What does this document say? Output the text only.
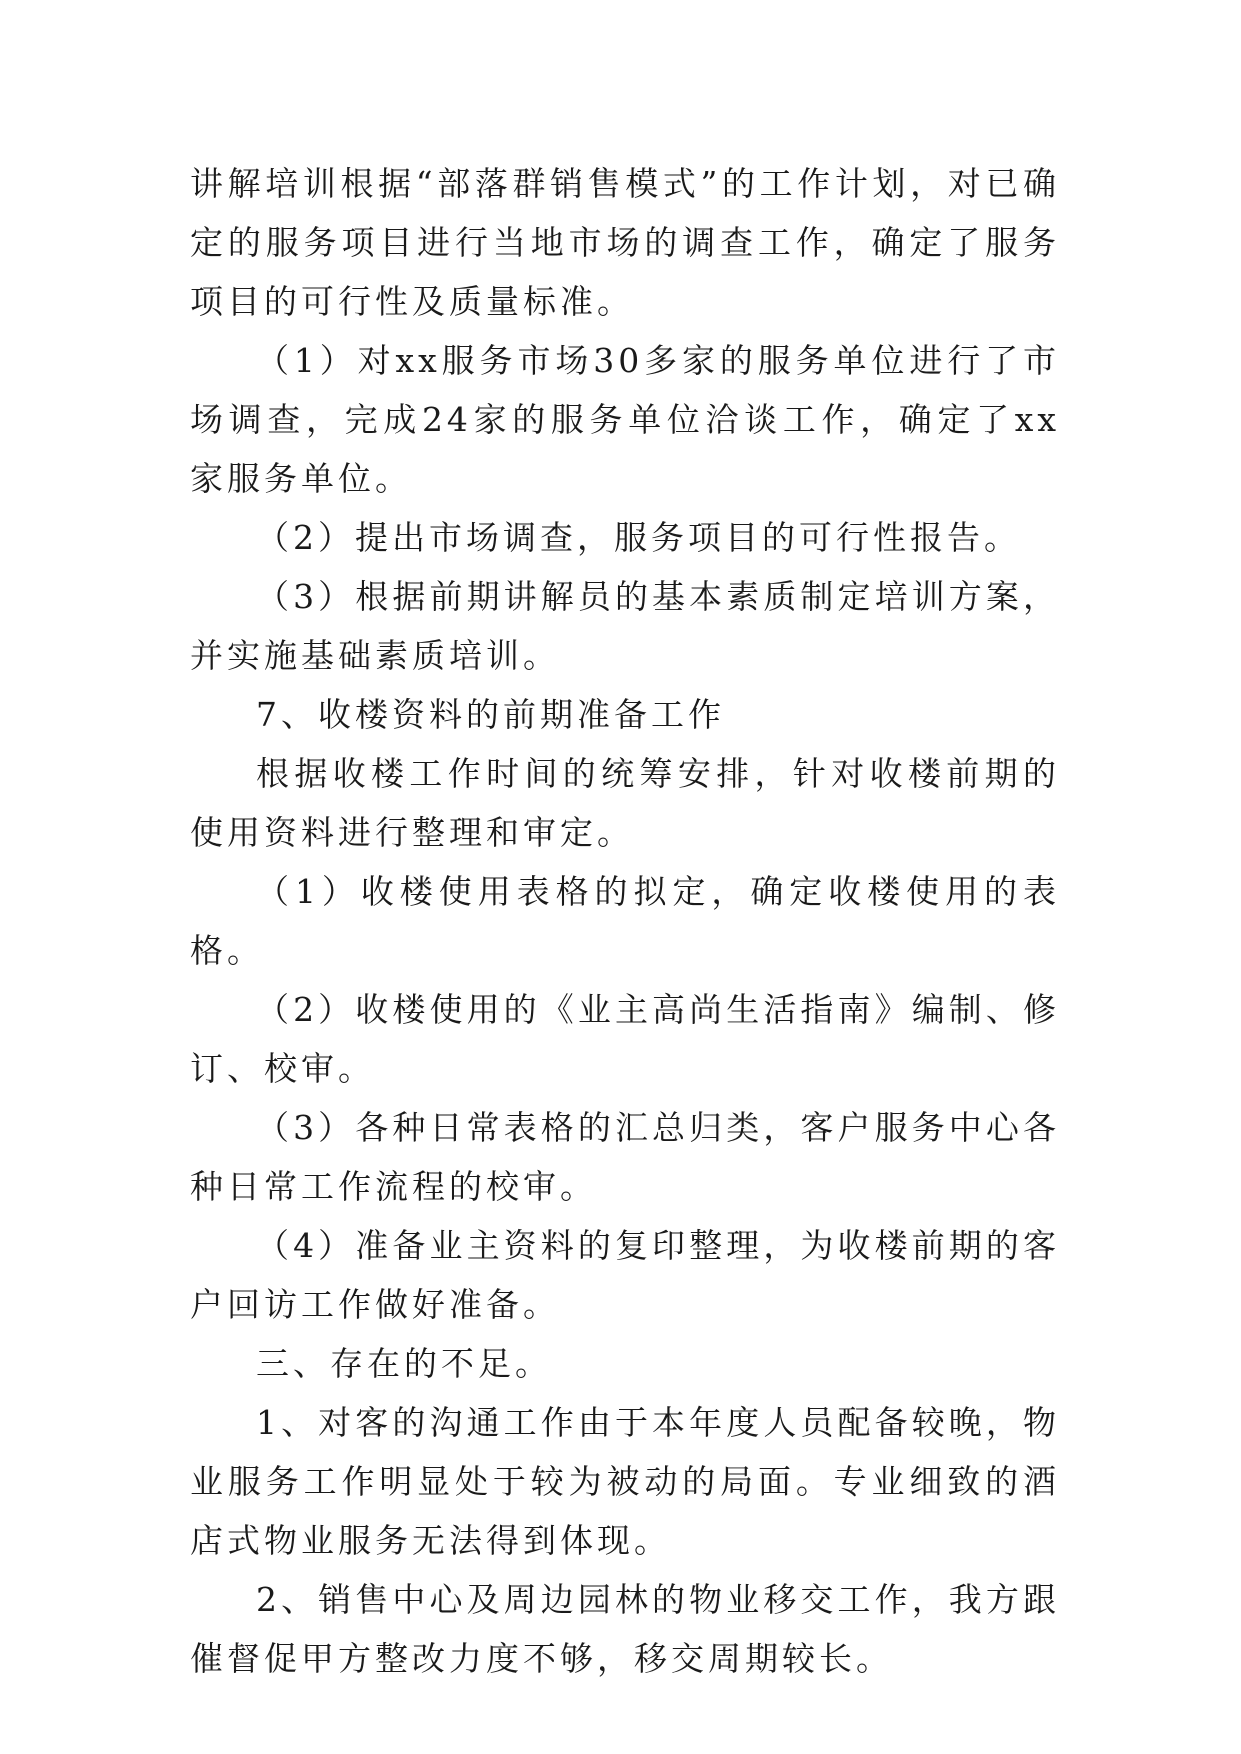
讲解培训根据“部落群销售模式”的工作计划，对已确定的服务项目进行当地市场的调查工作，确定了服务项目的可行性及质量标准。

（1）对xx服务市场30多家的服务单位进行了市场调查，完成24家的服务单位洽谈工作，确定了xx家服务单位。

（2）提出市场调查，服务项目的可行性报告。

（3）根据前期讲解员的基本素质制定培训方案，并实施基础素质培训。

7、收楼资料的前期准备工作

根据收楼工作时间的统筹安排，针对收楼前期的使用资料进行整理和审定。

（1）收楼使用表格的拟定，确定收楼使用的表格。

（2）收楼使用的《业主高尚生活指南》编制、修订、校审。

（3）各种日常表格的汇总归类，客户服务中心各种日常工作流程的校审。

（4）准备业主资料的复印整理，为收楼前期的客户回访工作做好准备。

三、存在的不足。

1、对客的沟通工作由于本年度人员配备较晚，物业服务工作明显处于较为被动的局面。专业细致的酒店式物业服务无法得到体现。

2、销售中心及周边园林的物业移交工作，我方跟催督促甲方整改力度不够，移交周期较长。
